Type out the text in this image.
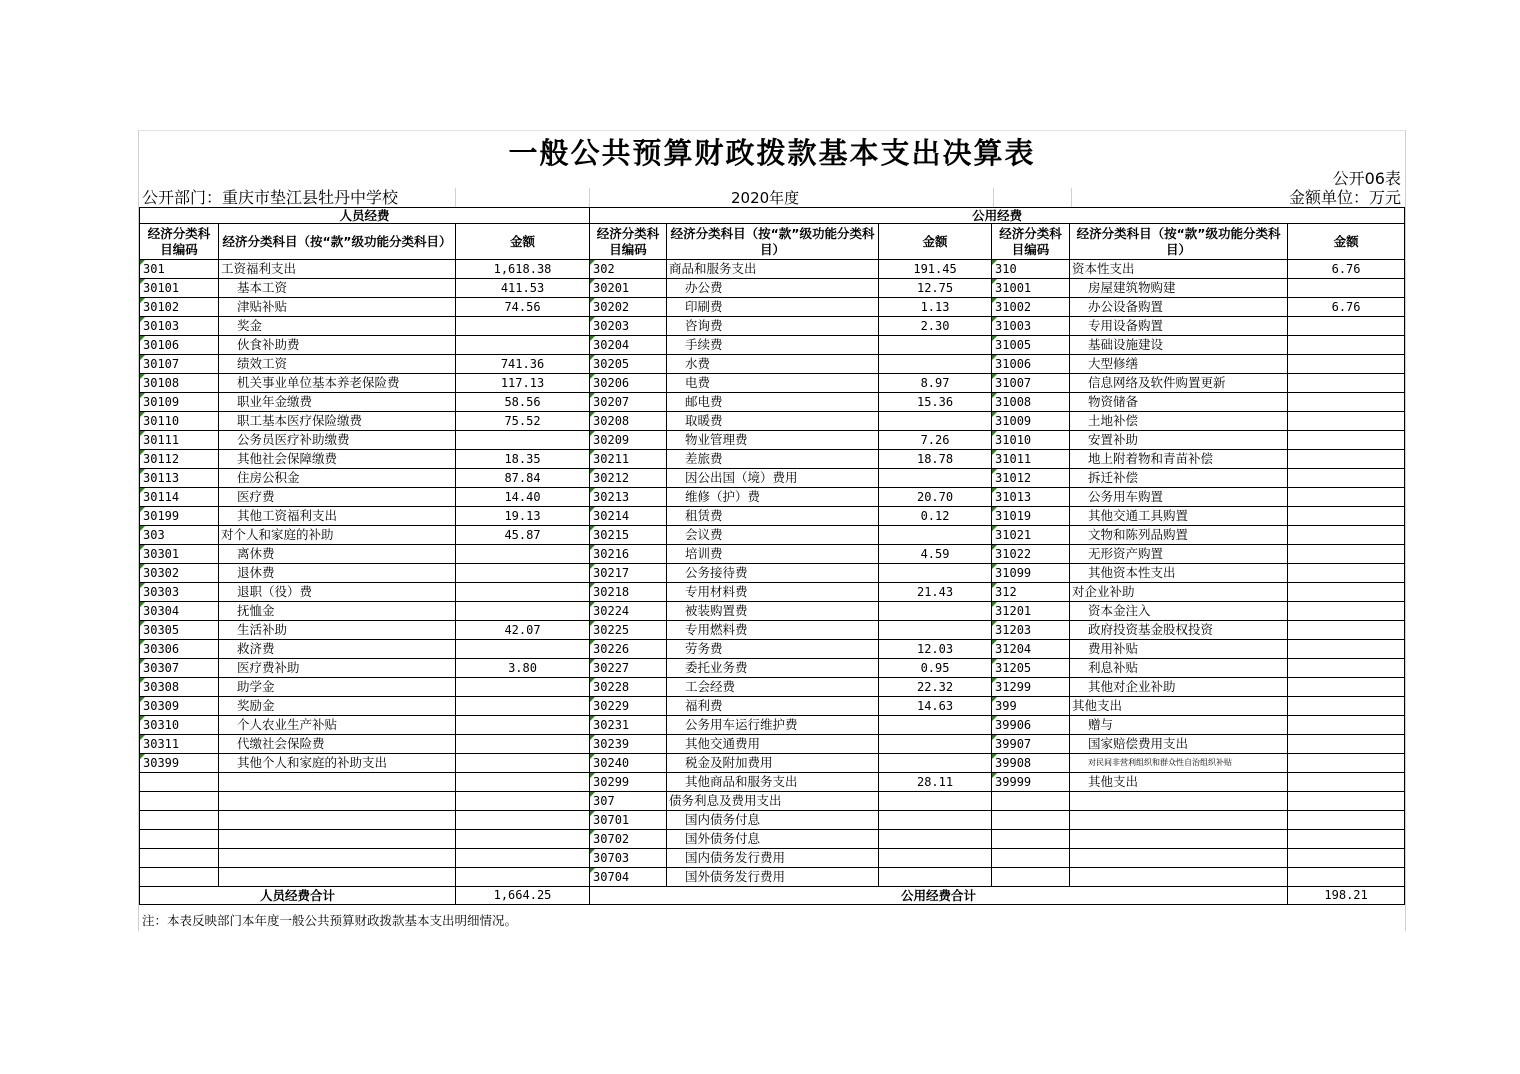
一般公共预算财政拨款基本支出决算表
公开06表
公开部门：重庆市垫江县牡丹中学校	2020年度	金额单位：万元
人员经费			公用经费					
经济分类科目编码	经济分类科目（按“款”级功能分类科目）	金额	经济分类科目编码	经济分类科目（按“款”级功能分类科目）	金额	经济分类科目编码	经济分类科目（按“款”级功能分类科目）	金额
301	工资福利支出	1,618.38	302	商品和服务支出	191.45	310	资本性支出	6.76
30101	基本工资	411.53	30201	办公费	12.75	31001	房屋建筑物购建	
30102	津贴补贴	74.56	30202	印刷费	1.13	31002	办公设备购置	6.76
30103	奖金		30203	咨询费	2.30	31003	专用设备购置	
30106	伙食补助费		30204	手续费		31005	基础设施建设	
30107	绩效工资	741.36	30205	水费		31006	大型修缮	
30108	机关事业单位基本养老保险费	117.13	30206	电费	8.97	31007	信息网络及软件购置更新	
30109	职业年金缴费	58.56	30207	邮电费	15.36	31008	物资储备	
30110	职工基本医疗保险缴费	75.52	30208	取暖费		31009	土地补偿	
30111	公务员医疗补助缴费		30209	物业管理费	7.26	31010	安置补助	
30112	其他社会保障缴费	18.35	30211	差旅费	18.78	31011	地上附着物和青苗补偿	
30113	住房公积金	87.84	30212	因公出国（境）费用		31012	拆迁补偿	
30114	医疗费	14.40	30213	维修（护）费	20.70	31013	公务用车购置	
30199	其他工资福利支出	19.13	30214	租赁费	0.12	31019	其他交通工具购置	
303	对个人和家庭的补助	45.87	30215	会议费		31021	文物和陈列品购置	
30301	离休费		30216	培训费	4.59	31022	无形资产购置	
30302	退休费		30217	公务接待费		31099	其他资本性支出	
30303	退职（役）费		30218	专用材料费	21.43	312	对企业补助	
30304	抚恤金		30224	被装购置费		31201	资本金注入	
30305	生活补助	42.07	30225	专用燃料费		31203	政府投资基金股权投资	
30306	救济费		30226	劳务费	12.03	31204	费用补贴	
30307	医疗费补助	3.80	30227	委托业务费	0.95	31205	利息补贴	
30308	助学金		30228	工会经费	22.32	31299	其他对企业补助	
30309	奖励金		30229	福利费	14.63	399	其他支出	
30310	个人农业生产补贴		30231	公务用车运行维护费		39906	赠与	
30311	代缴社会保险费		30239	其他交通费用		39907	国家赔偿费用支出	
30399	其他个人和家庭的补助支出		30240	税金及附加费用		39908	对民间非营利组织和群众性自治组织补贴	
			30299	其他商品和服务支出	28.11	39999	其他支出	
			307	债务利息及费用支出				
			30701	国内债务付息				
			30702	国外债务付息				
			30703	国内债务发行费用				
			30704	国外债务发行费用				
人员经费合计		1,664.25	公用经费合计					198.21
注：本表反映部门本年度一般公共预算财政拨款基本支出明细情况。
